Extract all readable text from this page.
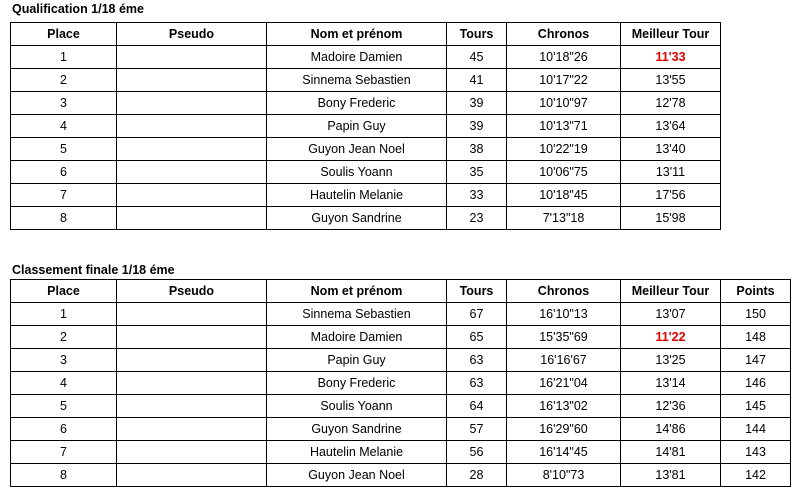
Qualification 1/18 éme
Place	Pseudo	Nom et prénom	Tours	Chronos	Meilleur Tour
1		Madoire Damien	45	10'18"26	11'33
2		Sinnema Sebastien	41	10'17"22	13'55
3		Bony Frederic	39	10'10"97	12'78
4		Papin Guy	39	10'13"71	13'64
5		Guyon Jean Noel	38	10'22"19	13'40
6		Soulis Yoann	35	10'06"75	13'11
7		Hautelin Melanie	33	10'18"45	17'56
8		Guyon Sandrine	23	7'13"18	15'98
Classement finale 1/18 éme
Place	Pseudo	Nom et prénom	Tours	Chronos	Meilleur Tour	Points
1		Sinnema Sebastien	67	16'10"13	13'07	150
2		Madoire Damien	65	15'35"69	11'22	148
3		Papin Guy	63	16'16'67	13'25	147
4		Bony Frederic	63	16'21"04	13'14	146
5		Soulis Yoann	64	16'13"02	12'36	145
6		Guyon Sandrine	57	16'29"60	14'86	144
7		Hautelin Melanie	56	16'14"45	14'81	143
8		Guyon Jean Noel	28	8'10"73	13'81	142
